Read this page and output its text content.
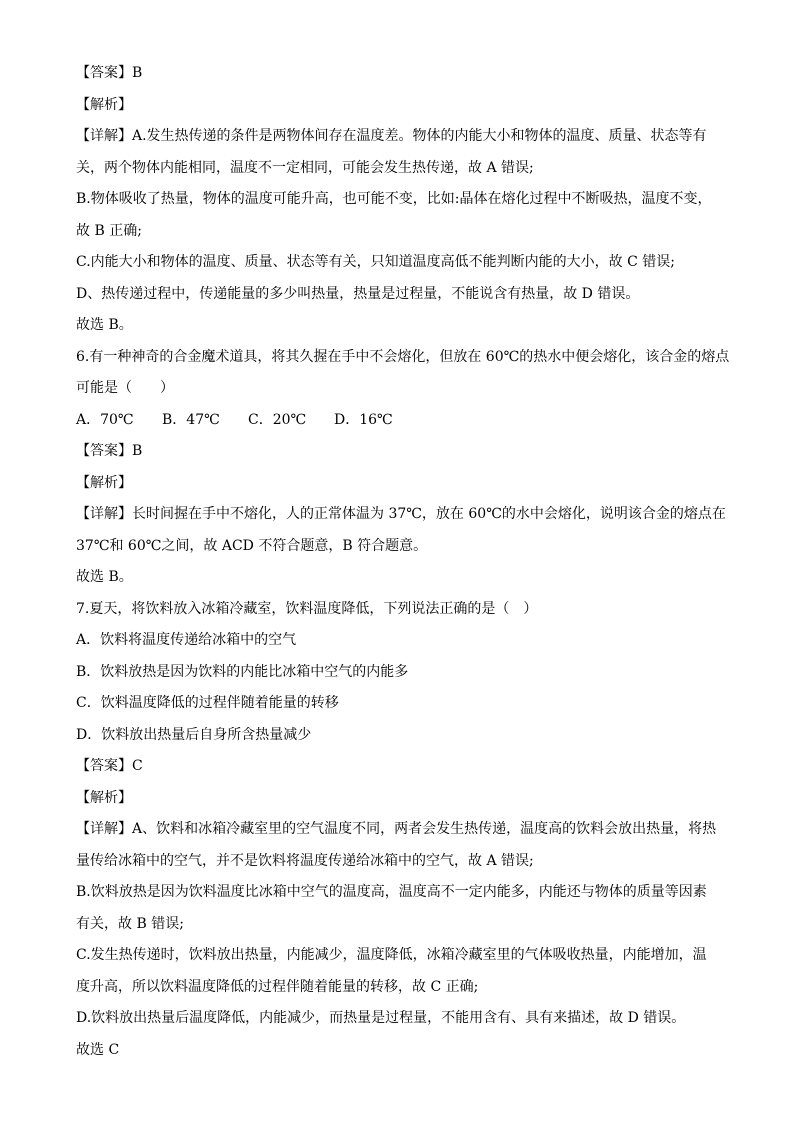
【答案】B
【解析】
【详解】A.发生热传递的条件是两物体间存在温度差。物体的内能大小和物体的温度、质量、状态等有
关，两个物体内能相同，温度不一定相同，可能会发生热传递，故 A 错误;
B.物体吸收了热量，物体的温度可能升高，也可能不变，比如:晶体在熔化过程中不断吸热，温度不变，
故 B 正确;
C.内能大小和物体的温度、质量、状态等有关，只知道温度高低不能判断内能的大小，故 C 错误;
D、热传递过程中，传递能量的多少叫热量，热量是过程量，不能说含有热量，故 D 错误。
故选 B。
6.有一种神奇的合金魔术道具，将其久握在手中不会熔化，但放在 60℃的热水中便会熔化，该合金的熔点
可能是（　　）
A．70℃ B．47℃ C．20℃ D．16℃
【答案】B
【解析】
【详解】长时间握在手中不熔化，人的正常体温为 37℃，放在 60℃的水中会熔化，说明该合金的熔点在
37℃和 60℃之间，故 ACD 不符合题意，B 符合题意。
故选 B。
7.夏天，将饮料放入冰箱冷藏室，饮料温度降低，下列说法正确的是（　）
A．饮料将温度传递给冰箱中的空气
B．饮料放热是因为饮料的内能比冰箱中空气的内能多
C．饮料温度降低的过程伴随着能量的转移
D．饮料放出热量后自身所含热量减少
【答案】C
【解析】
【详解】A、饮料和冰箱冷藏室里的空气温度不同，两者会发生热传递，温度高的饮料会放出热量，将热
量传给冰箱中的空气，并不是饮料将温度传递给冰箱中的空气，故 A 错误;
B.饮料放热是因为饮料温度比冰箱中空气的温度高，温度高不一定内能多，内能还与物体的质量等因素
有关，故 B 错误;
C.发生热传递时，饮料放出热量，内能减少，温度降低，冰箱冷藏室里的气体吸收热量，内能增加，温
度升高，所以饮料温度降低的过程伴随着能量的转移，故 C 正确;
D.饮料放出热量后温度降低，内能减少，而热量是过程量，不能用含有、具有来描述，故 D 错误。
故选 C
